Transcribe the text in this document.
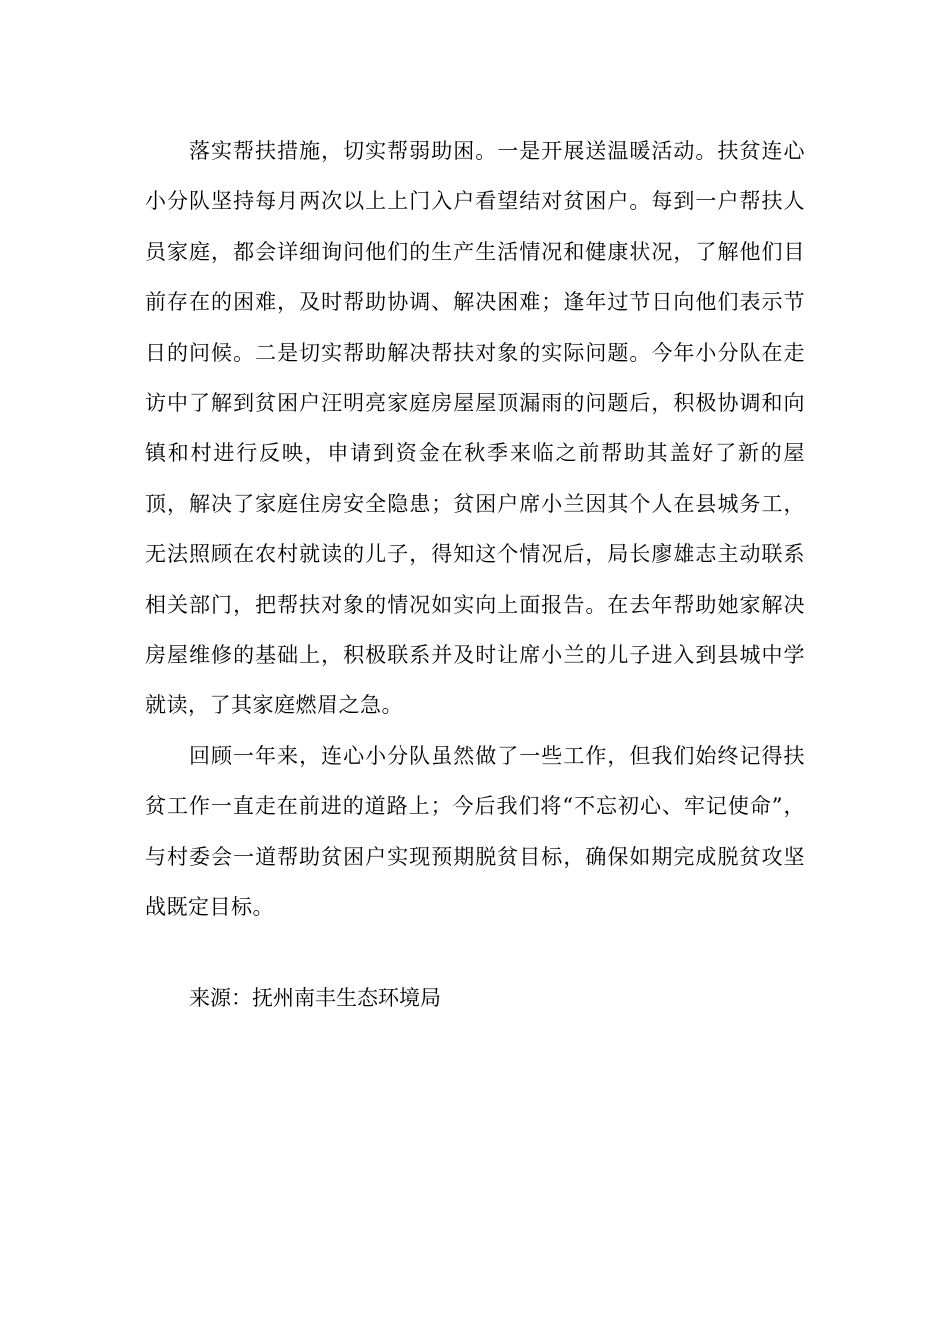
落实帮扶措施，切实帮弱助困。一是开展送温暖活动。扶贫连心小分队坚持每月两次以上上门入户看望结对贫困户。每到一户帮扶人员家庭，都会详细询问他们的生产生活情况和健康状况，了解他们目前存在的困难，及时帮助协调、解决困难；逢年过节日向他们表示节日的问候。二是切实帮助解决帮扶对象的实际问题。今年小分队在走访中了解到贫困户汪明亮家庭房屋屋顶漏雨的问题后，积极协调和向镇和村进行反映，申请到资金在秋季来临之前帮助其盖好了新的屋顶，解决了家庭住房安全隐患；贫困户席小兰因其个人在县城务工，无法照顾在农村就读的儿子，得知这个情况后，局长廖雄志主动联系相关部门，把帮扶对象的情况如实向上面报告。在去年帮助她家解决房屋维修的基础上，积极联系并及时让席小兰的儿子进入到县城中学就读，了其家庭燃眉之急。

回顾一年来，连心小分队虽然做了一些工作，但我们始终记得扶贫工作一直走在前进的道路上；今后我们将“不忘初心、牢记使命”，与村委会一道帮助贫困户实现预期脱贫目标，确保如期完成脱贫攻坚战既定目标。

来源：抚州南丰生态环境局
